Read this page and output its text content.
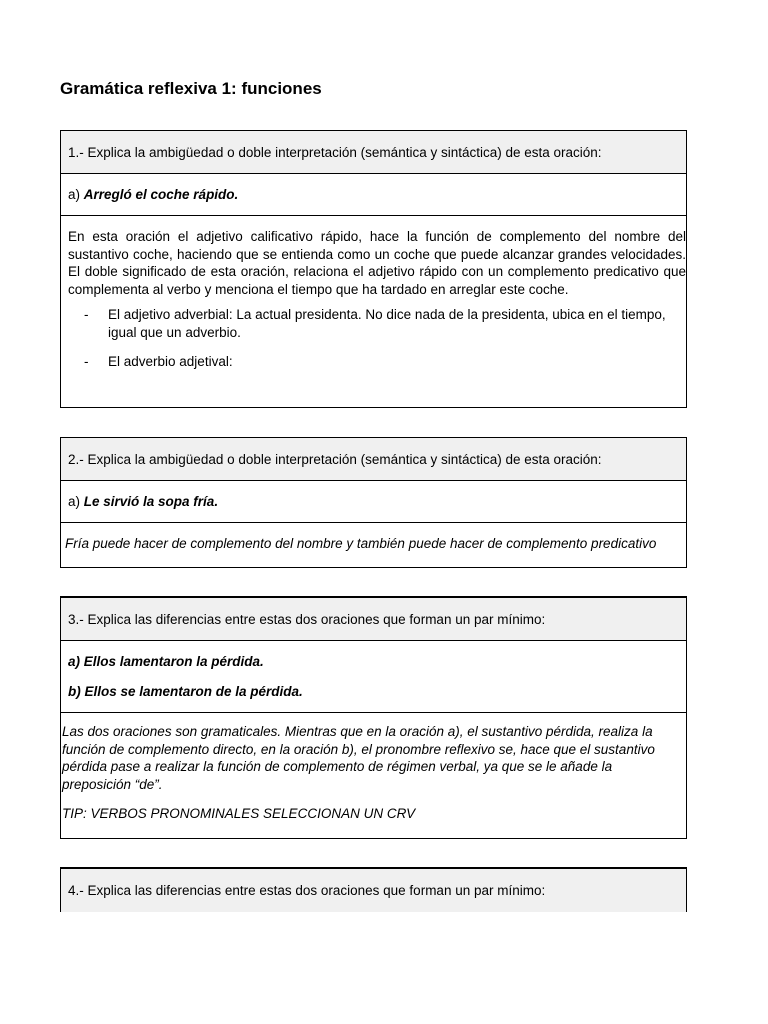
Gramática reflexiva 1: funciones
1.- Explica la ambigüedad o doble interpretación (semántica y sintáctica) de esta oración:
a) Arregló el coche rápido.
En esta oración el adjetivo calificativo rápido, hace la función de complemento del nombre del sustantivo coche, haciendo que se entienda como un coche que puede alcanzar grandes velocidades. El doble significado de esta oración, relaciona el adjetivo rápido con un complemento predicativo que complementa al verbo y menciona el tiempo que ha tardado en arreglar este coche.
- El adjetivo adverbial: La actual presidenta. No dice nada de la presidenta, ubica en el tiempo, igual que un adverbio.
- El adverbio adjetival:
2.- Explica la ambigüedad o doble interpretación (semántica y sintáctica) de esta oración:
a) Le sirvió la sopa fría.
Fría puede hacer de complemento del nombre y también puede hacer de complemento predicativo
3.- Explica las diferencias entre estas dos oraciones que forman un par mínimo:
a) Ellos lamentaron la pérdida.
b) Ellos se lamentaron de la pérdida.
Las dos oraciones son gramaticales. Mientras que en la oración a), el sustantivo pérdida, realiza la función de complemento directo, en la oración b), el pronombre reflexivo se, hace que el sustantivo pérdida pase a realizar la función de complemento de régimen verbal, ya que se le añade la preposición “de”.
TIP: VERBOS PRONOMINALES SELECCIONAN UN CRV
4.- Explica las diferencias entre estas dos oraciones que forman un par mínimo:
